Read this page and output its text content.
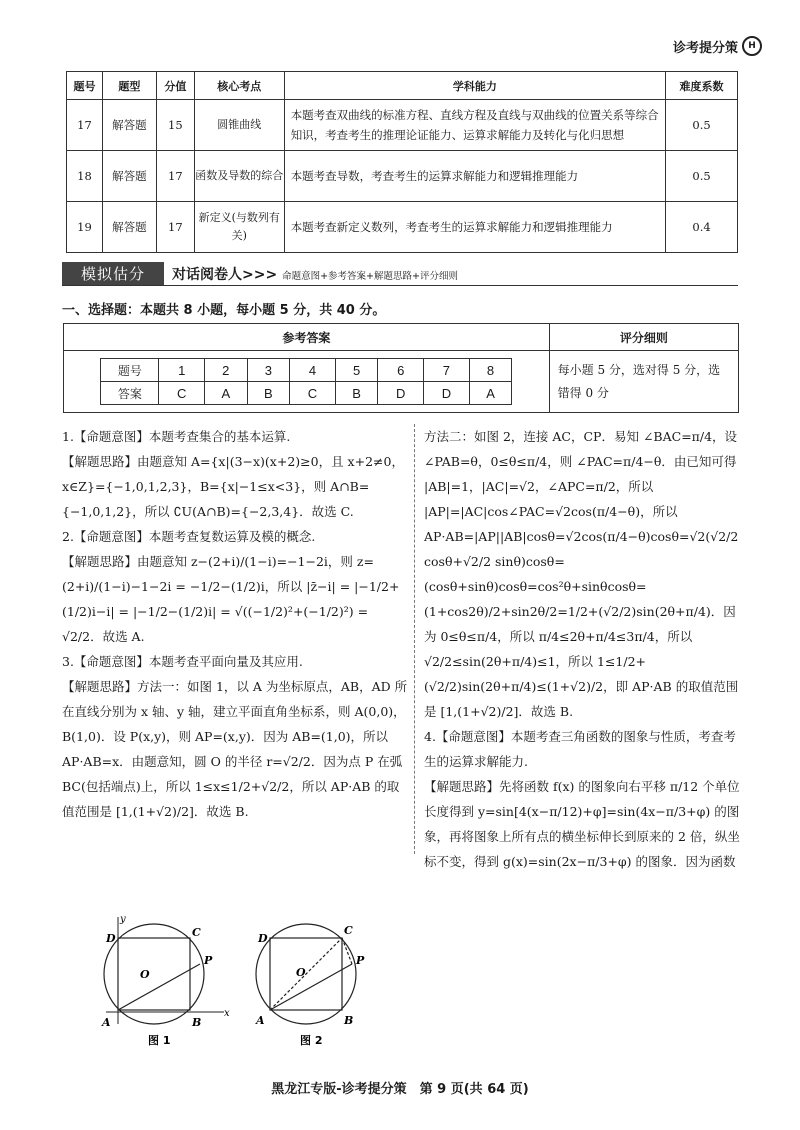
诊考提分策	H
题号	题型	分值	核心考点	学科能力	难度系数
17	解答题	15	圆锥曲线	本题考查双曲线的标准方程、直线方程及直线与双曲线的位置关系等综合知识，考查考生的推理论证能力、运算求解能力及转化与化归思想	0.5
18	解答题	17	函数及导数的综合	本题考查导数，考查考生的运算求解能力和逻辑推理能力	0.5
19	解答题	17	新定义(与数列有关)	本题考查新定义数列，考查考生的运算求解能力和逻辑推理能力	0.4
模拟估分	对话阅卷人>>> 命题意图+参考答案+解题思路+评分细则
一、选择题：本题共 8 小题，每小题 5 分，共 40 分。
参考答案	评分细则

题号	1	2	3	4	5	6	7	8
答案	C	A	B	C	B	D	D	A
	每小题 5 分，选对得 5 分，选错得 0 分

1.【命题意图】本题考查集合的基本运算.

【解题思路】由题意知 A={x|(3−x)(x+2)≥0，且 x+2≠0，x∈Z}={−1,0,1,2,3}，B={x|−1≤x<3}，则 A∩B={−1,0,1,2}，所以 ∁U(A∩B)={−2,3,4}．故选 C.

2.【命题意图】本题考查复数运算及模的概念.

【解题思路】由题意知 z−(2+i)/(1−i)=−1−2i，则 z=(2+i)/(1−i)−1−2i = −1/2−(1/2)i，所以 |z̄−i| = |−1/2+(1/2)i−i| = |−1/2−(1/2)i| = √((−1/2)²+(−1/2)²) = √2/2．故选 A.

3.【命题意图】本题考查平面向量及其应用.

【解题思路】方法一：如图 1，以 A 为坐标原点，AB，AD 所在直线分别为 x 轴、y 轴，建立平面直角坐标系，则 A(0,0)，B(1,0)．设 P(x,y)，则 AP=(x,y)．因为 AB=(1,0)，所以 AP·AB=x．由题意知，圆 O 的半径 r=√2/2．因为点 P 在弧 BC(包括端点)上，所以 1≤x≤1/2+√2/2，所以 AP·AB 的取值范围是 [1,(1+√2)/2]．故选 B.

方法二：如图 2，连接 AC，CP．易知 ∠BAC=π/4，设 ∠PAB=θ，0≤θ≤π/4，则 ∠PAC=π/4−θ．由已知可得 |AB|=1，|AC|=√2，∠APC=π/2，所以 |AP|=|AC|cos∠PAC=√2cos(π/4−θ)，所以 AP·AB=|AP||AB|cosθ=√2cos(π/4−θ)cosθ=√2(√2/2 cosθ+√2/2 sinθ)cosθ=(cosθ+sinθ)cosθ=cos²θ+sinθcosθ=(1+cos2θ)/2+sin2θ/2=1/2+(√2/2)sin(2θ+π/4)．因为 0≤θ≤π/4，所以 π/4≤2θ+π/4≤3π/4，所以 √2/2≤sin(2θ+π/4)≤1，所以 1≤1/2+(√2/2)sin(2θ+π/4)≤(1+√2)/2，即 AP·AB 的取值范围是 [1,(1+√2)/2]．故选 B.

4.【命题意图】本题考查三角函数的图象与性质，考查考生的运算求解能力.

【解题思路】先将函数 f(x) 的图象向右平移 π/12 个单位长度得到 y=sin[4(x−π/12)+φ]=sin(4x−π/3+φ) 的图象，再将图象上所有点的横坐标伸长到原来的 2 倍，纵坐标不变，得到 g(x)=sin(2x−π/3+φ) 的图象．因为函数

A	B
C
D
P
O
y
x
图 1
A	B
C
D
P
O
图 2
黑龙江专版-诊考提分策　第 9 页(共 64 页)
